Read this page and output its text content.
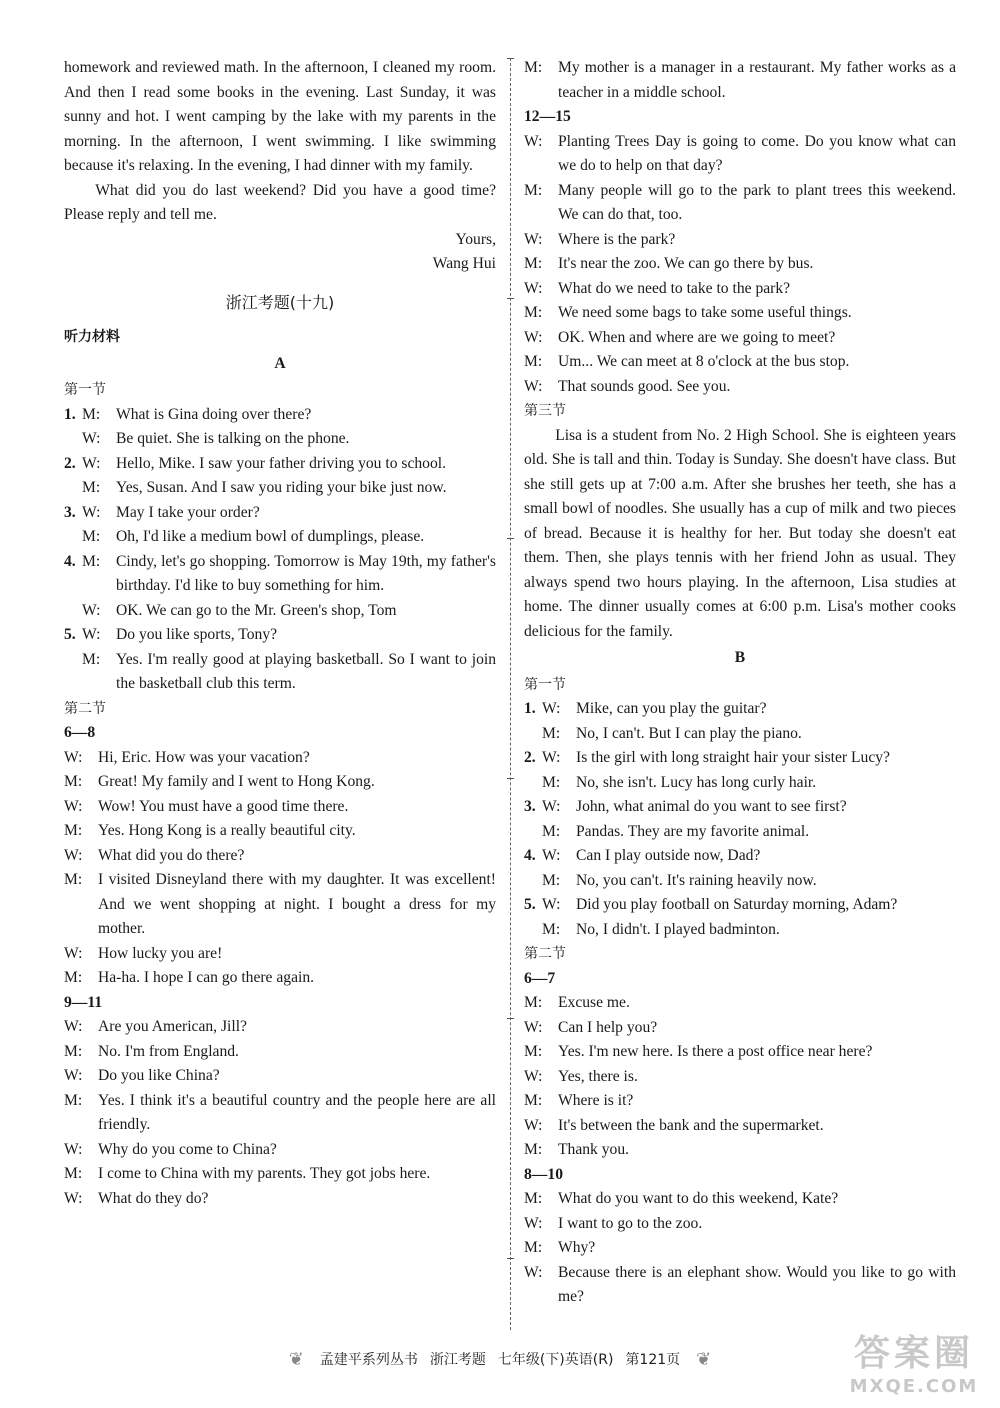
homework and reviewed math. In the afternoon, I cleaned my room. And then I read some books in the evening. Last Sunday, it was sunny and hot. I went camping by the lake with my parents in the morning. In the afternoon, I went swimming. I like swimming because it's relaxing. In the evening, I had dinner with my family.

What did you do last weekend? Did you have a good time? Please reply and tell me.

Yours,

Wang Hui

浙江考题(十九)

听力材料

A

第一节

1. M:	What is Gina doing over there?
W: Be quiet. She is talking on the phone.
2. W: Hello, Mike. I saw your father driving you to school.
M:	Yes, Susan. And I saw you riding your bike just now.
3. W: May I take your order?
M:	Oh, I'd like a medium bowl of dumplings, please.
4. M:	Cindy, let's go shopping. Tomorrow is May 19th, my father's birthday. I'd like to buy something for him.
W: OK. We can go to the Mr. Green's shop, Tom
5. W: Do you like sports, Tony?
M:	Yes. I'm really good at playing basketball. So I want to join the basketball club this term.

第二节

6—8

W: Hi, Eric. How was your vacation?
M:	Great! My family and I went to Hong Kong.
W: Wow! You must have a good time there.
M:	Yes. Hong Kong is a really beautiful city.
W: What did you do there?
M:	I visited Disneyland there with my daughter. It was excellent! And we went shopping at night. I bought a dress for my mother.
W: How lucky you are!
M:	Ha-ha. I hope I can go there again.

9—11

W: Are you American, Jill?
M:	No. I'm from England.
W: Do you like China?
M:	Yes. I think it's a beautiful country and the people here are all friendly.
W: Why do you come to China?
M:	I come to China with my parents. They got jobs here.
W: What do they do?
M:	My mother is a manager in a restaurant. My father works as a teacher in a middle school.

12—15

W: Planting Trees Day is going to come. Do you know what can we do to help on that day?
M:	Many people will go to the park to plant trees this weekend. We can do that, too.
W: Where is the park?
M:	It's near the zoo. We can go there by bus.
W: What do we need to take to the park?
M:	We need some bags to take some useful things.
W: OK. When and where are we going to meet?
M:	Um... We can meet at 8 o'clock at the bus stop.
W: That sounds good. See you.

第三节

Lisa is a student from No. 2 High School. She is eighteen years old. She is tall and thin. Today is Sunday. She doesn't have class. But she still gets up at 7:00 a.m. After she brushes her teeth, she has a small bowl of noodles. She usually has a cup of milk and two pieces of bread. Because it is healthy for her. But today she doesn't eat them. Then, she plays tennis with her friend John as usual. They always spend two hours playing. In the afternoon, Lisa studies at home. The dinner usually comes at 6:00 p.m. Lisa's mother cooks delicious for the family.

B

第一节

1. W: Mike, can you play the guitar?
M:	No, I can't. But I can play the piano.
2. W: Is the girl with long straight hair your sister Lucy?
M:	No, she isn't. Lucy has long curly hair.
3. W: John, what animal do you want to see first?
M:	Pandas. They are my favorite animal.
4. W: Can I play outside now, Dad?
M:	No, you can't. It's raining heavily now.
5. W: Did you play football on Saturday morning, Adam?
M:	No, I didn't. I played badminton.

第二节

6—7

M:	Excuse me.
W: Can I help you?
M:	Yes. I'm new here. Is there a post office near here?
W: Yes, there is.
M:	Where is it?
W: It's between the bank and the supermarket.
M:	Thank you.

8—10

M:	What do you want to do this weekend, Kate?
W: I want to go to the zoo.
M:	Why?
W: Because there is an elephant show. Would you like to go with me?
❦ 孟建平系列丛书 浙江考题 七年级(下)英语(R) 第121页 ❦	答案圈
MXQE.COM
